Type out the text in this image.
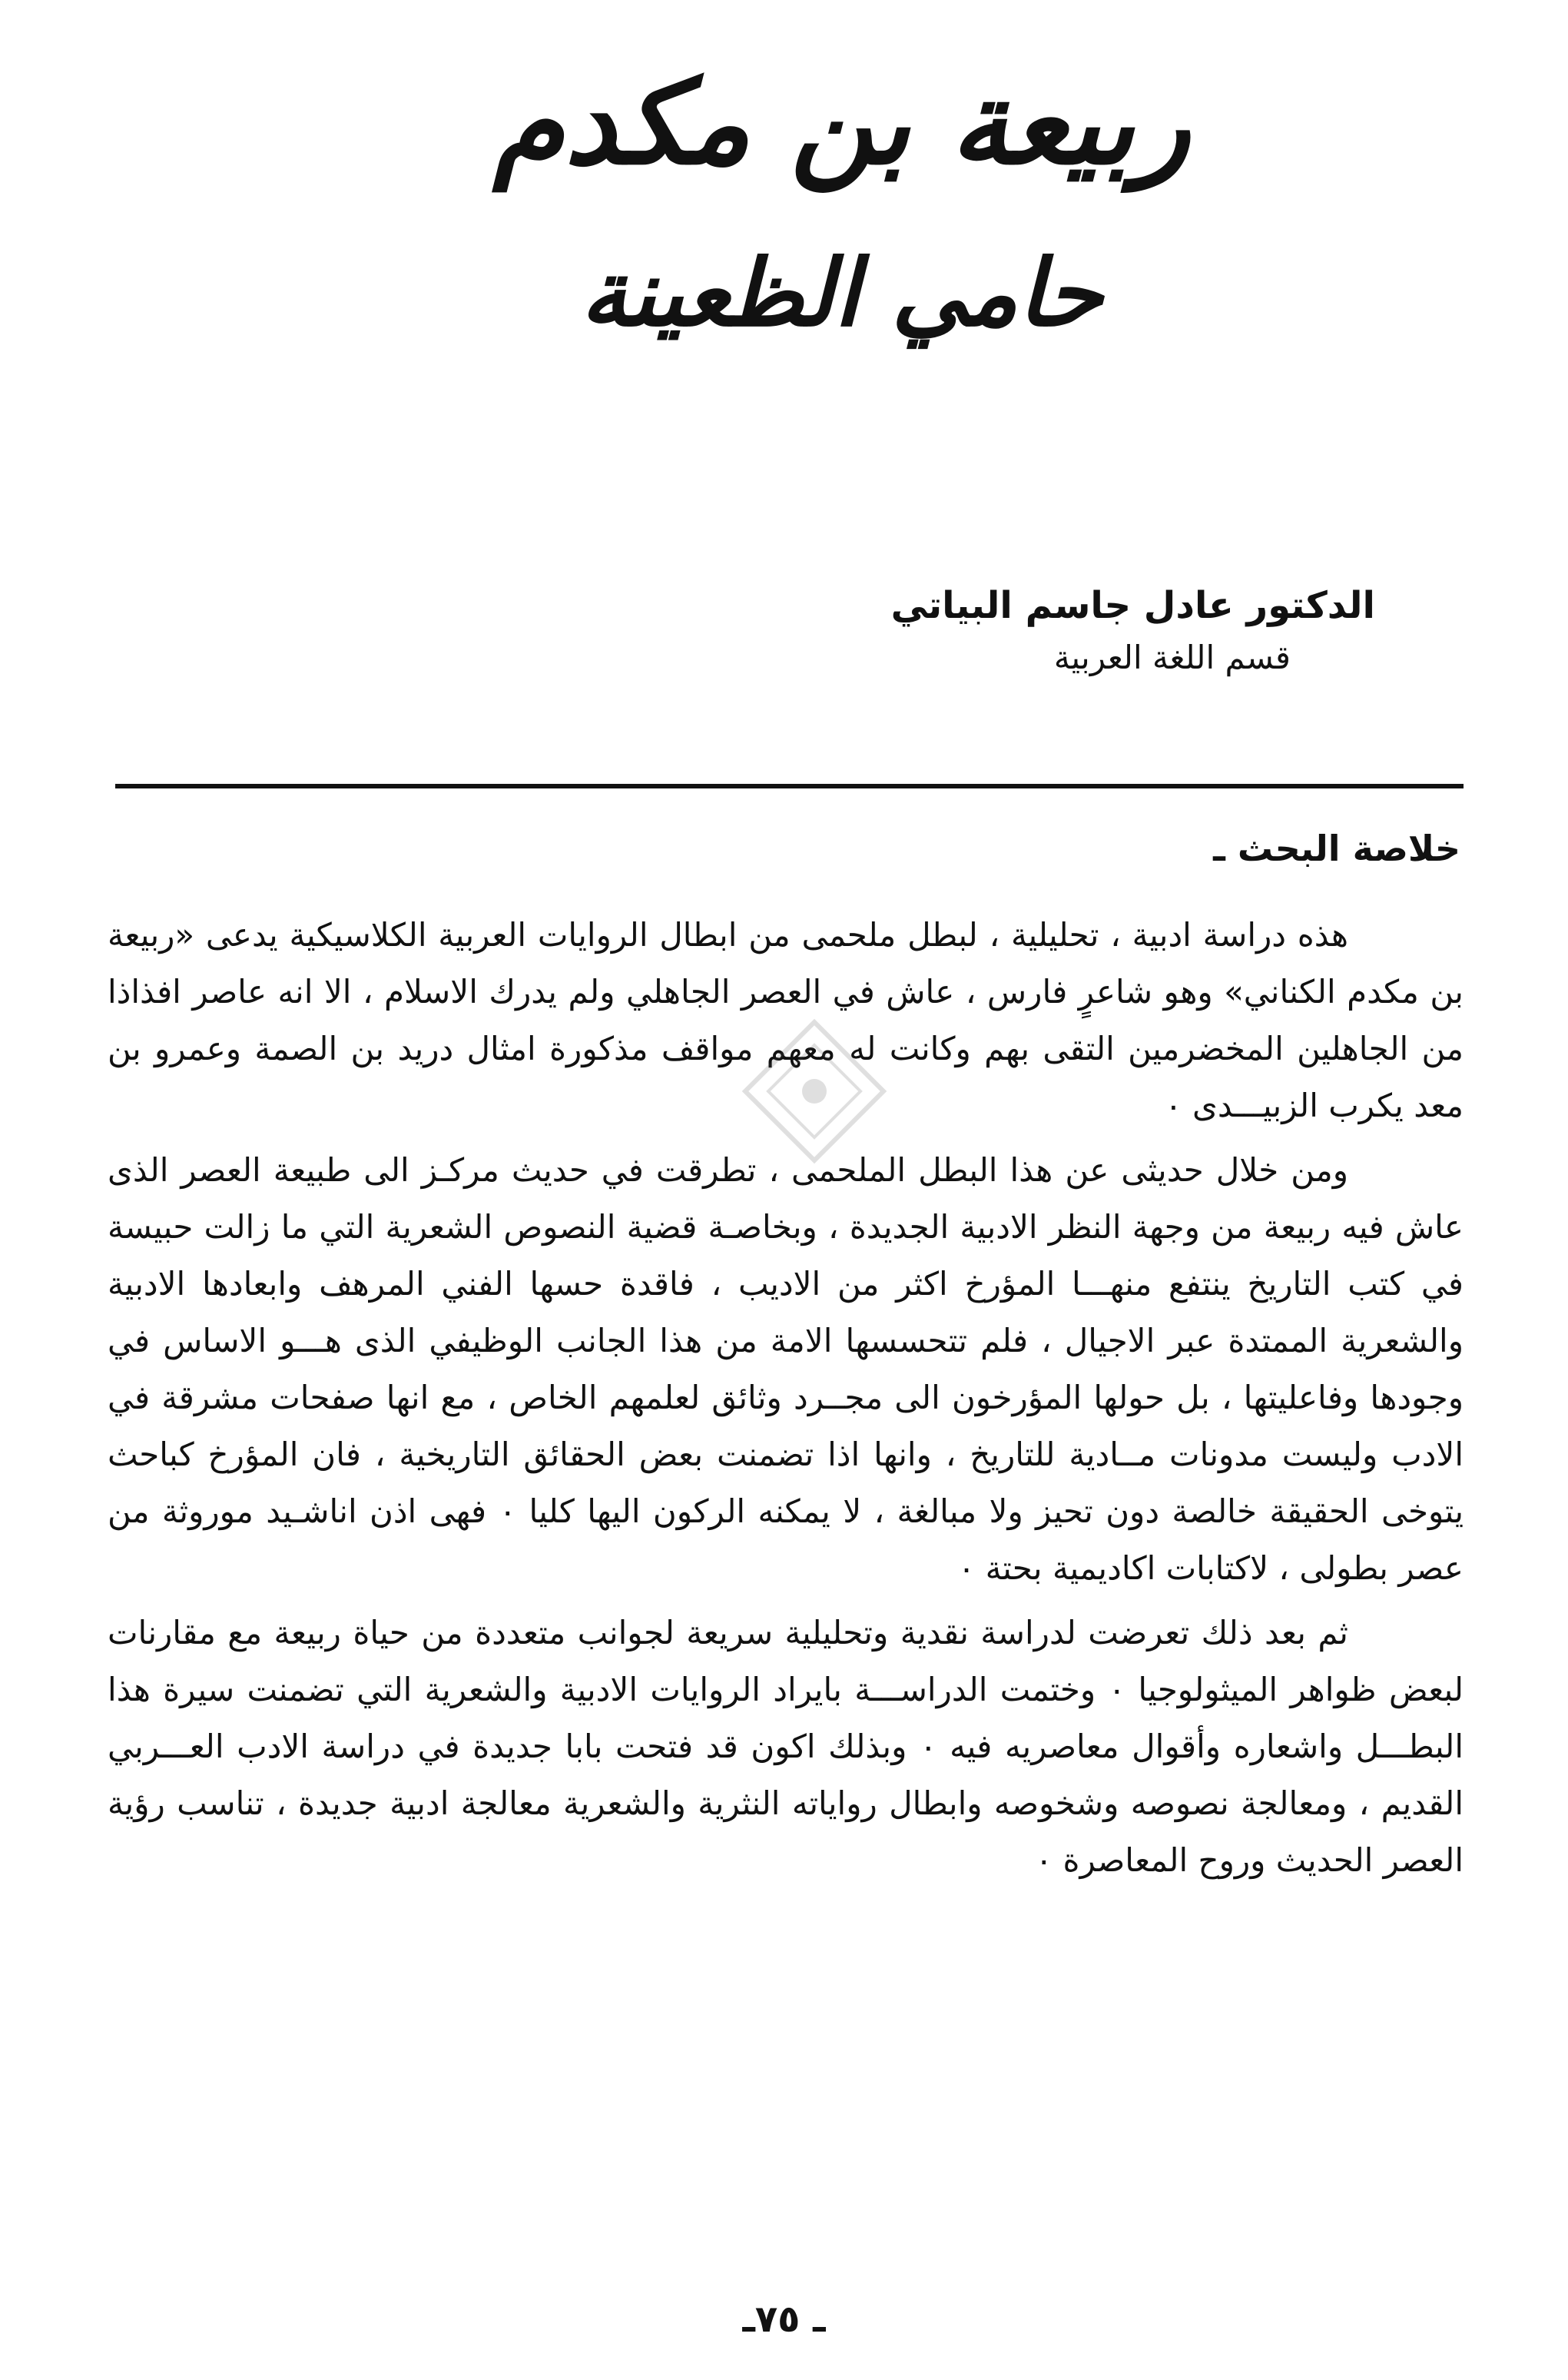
ربيعة بن مكدم
حامي الظعينة
الدكتور عادل جاسم البياتي
قسم اللغة العربية
خلاصة البحث ـ

هذه دراسة ادبية ، تحليلية ، لبطل ملحمى من ابطال الروايات العربية الكلاسيكية يدعى «ربيعة بن مكدم الكناني» وهو شاعرٍ فارس ، عاش في العصر الجاهلي ولم يدرك الاسلام ، الا انه عاصر افذاذا من الجاهلين المخضرمين التقى بهم وكانت له معهم مواقف مذكورة امثال دريد بن الصمة وعمرو بن معد يكرب الزبيـــدى ٠

ومن خلال حديثى عن هذا البطل الملحمى ، تطرقت في حديث مركـز الى طبيعة العصر الذى عاش فيه ربيعة من وجهة النظر الادبية الجديدة ، وبخاصـة قضية النصوص الشعرية التي ما زالت حبيسة في كتب التاريخ ينتفع منهـــا المؤرخ اكثر من الاديب ، فاقدة حسها الفني المرهف وابعادها الادبية والشعرية الممتدة عبر الاجيال ، فلم تتحسسها الامة من هذا الجانب الوظيفي الذى هـــو الاساس في وجودها وفاعليتها ، بل حولها المؤرخون الى مجــرد وثائق لعلمهم الخاص ، مع انها صفحات مشرقة في الادب وليست مدونات مــادية للتاريخ ، وانها اذا تضمنت بعض الحقائق التاريخية ، فان المؤرخ كباحث يتوخى الحقيقة خالصة دون تحيز ولا مبالغة ، لا يمكنه الركون اليها كليا ٠ فهى اذن اناشـيد موروثة من عصر بطولى ، لاكتابات اكاديمية بحتة ٠

ثم بعد ذلك تعرضت لدراسة نقدية وتحليلية سريعة لجوانب متعددة من حياة ربيعة مع مقارنات لبعض ظواهر الميثولوجيا ٠ وختمت الدراســـة بايراد الروايات الادبية والشعرية التي تضمنت سيرة هذا البطـــل واشعاره وأقوال معاصريه فيه ٠ وبذلك اكون قد فتحت بابا جديدة في دراسة الادب العـــربي القديم ، ومعالجة نصوصه وشخوصه وابطال رواياته النثرية والشعرية معالجة ادبية جديدة ، تناسب رؤية العصر الحديث وروح المعاصرة ٠

ـ ٧٥ـ
